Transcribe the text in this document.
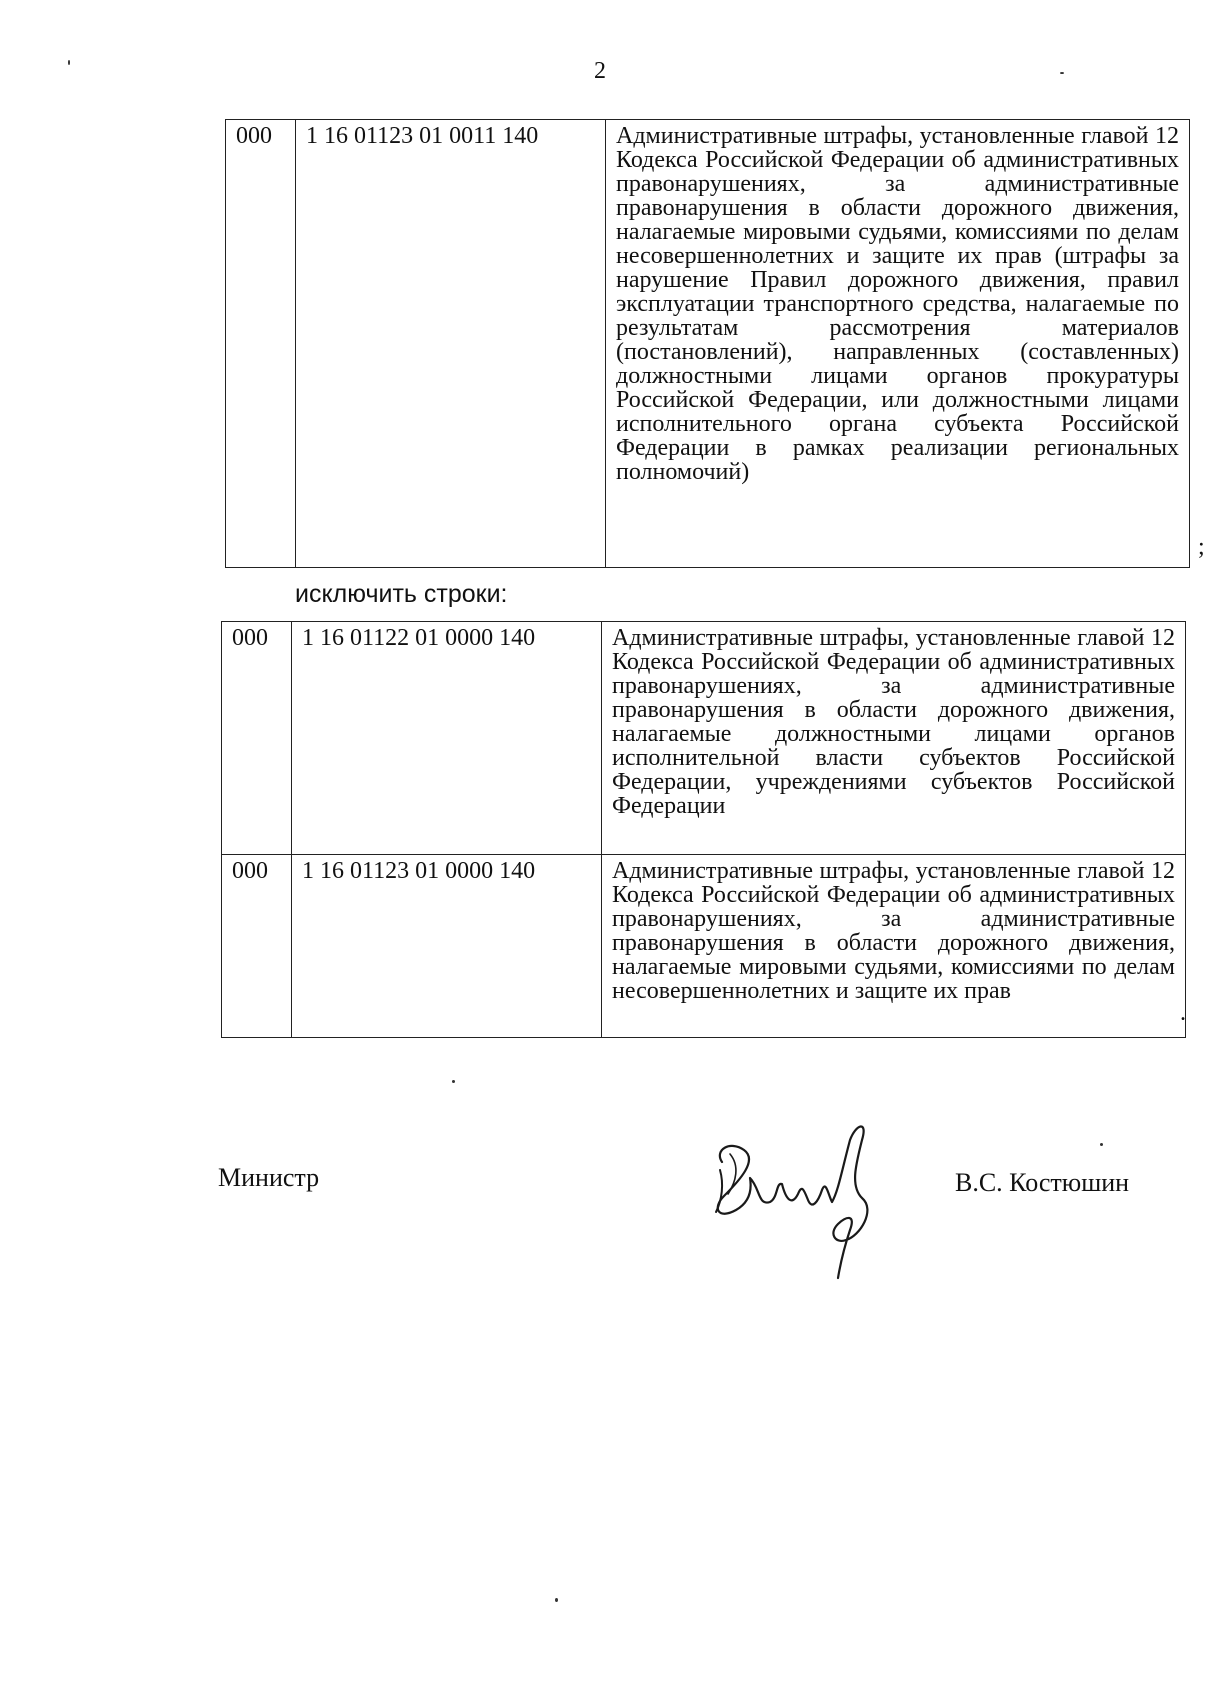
2
000	1 16 01123 01 0011 140	Административные штрафы, установленные главой 12 Кодекса Российской Федерации об административных правонарушениях, за административные правонарушения в области дорожного движения, налагаемые мировыми судьями, комиссиями по делам несовершеннолетних и защите их прав (штрафы за нарушение Правил дорожного движения, правил эксплуатации транспортного средства, налагаемые по результатам рассмотрения материалов (постановлений), направленных (составленных) должностными лицами органов прокуратуры Российской Федерации, или должностными лицами исполнительного органа субъекта Российской Федерации в рамках реализации региональных полномочий)
;
исключить строки:
000	1 16 01122 01 0000 140	Административные штрафы, установленные главой 12 Кодекса Российской Федерации об административных правонарушениях, за административные правонарушения в области дорожного движения, налагаемые должностными лицами органов исполнительной власти субъектов Российской Федерации, учреждениями субъектов Российской Федерации
000	1 16 01123 01 0000 140	Административные штрафы, установленные главой 12 Кодекса Российской Федерации об административных правонарушениях, за административные правонарушения в области дорожного движения, налагаемые мировыми судьями, комиссиями по делам несовершеннолетних и защите их прав
.
Министр	В.С. Костюшин
